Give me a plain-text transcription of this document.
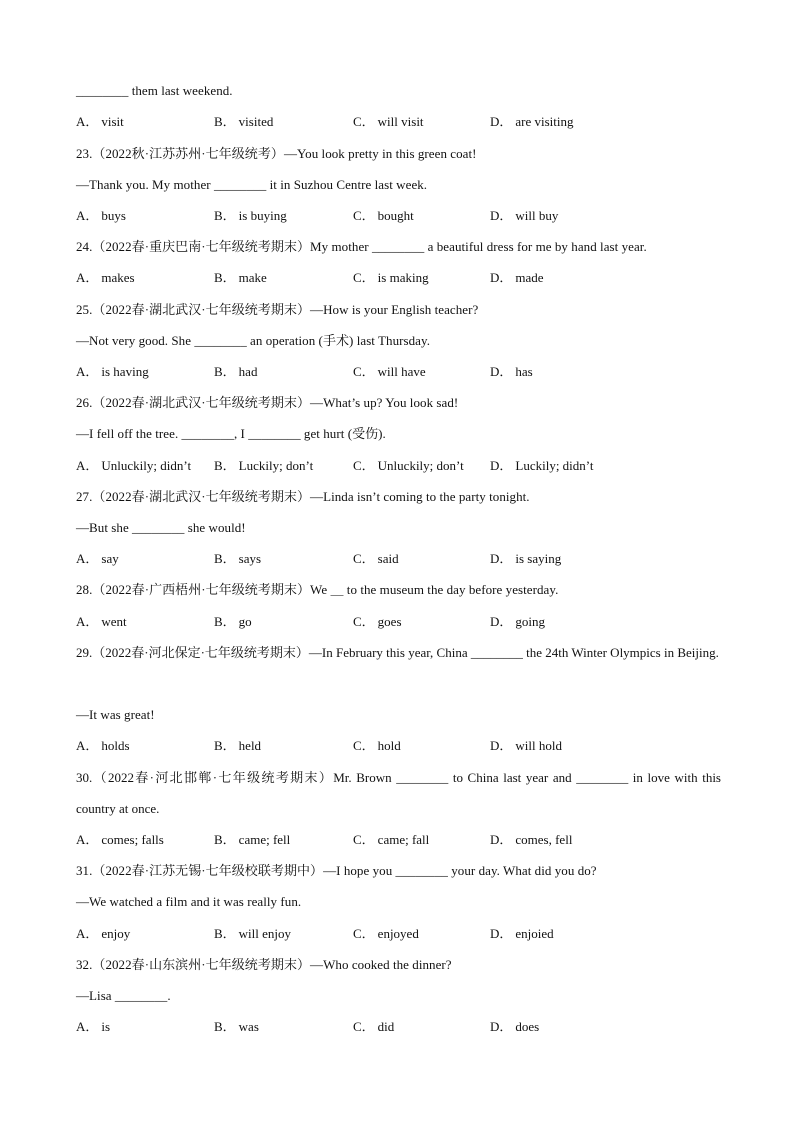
________ them last weekend.
A． visit	B． visited	C． will visit	D． are visiting
23.（2022秋·江苏苏州·七年级统考）—You look pretty in this green coat!
—Thank you. My mother ________ it in Suzhou Centre last week.
A． buys	B． is buying	C． bought	D． will buy
24.（2022春·重庆巴南·七年级统考期末）My mother ________ a beautiful dress for me by hand last year.
A． makes	B． make	C． is making	D． made
25.（2022春·湖北武汉·七年级统考期末）—How is your English teacher?
—Not very good. She ________ an operation (手术) last Thursday.
A． is having	B． had	C． will have	D． has
26.（2022春·湖北武汉·七年级统考期末）—What’s up? You look sad!
—I fell off the tree. ________, I ________ get hurt (受伤).
A． Unluckily; didn’t B． Luckily; don’t	C． Unluckily; don’t D． Luckily; didn’t
27.（2022春·湖北武汉·七年级统考期末）—Linda isn’t coming to the party tonight.
—But she ________ she would!
A． say	B． says	C． said	D． is saying
28.（2022春·广西梧州·七年级统考期末）We ＿ to the museum the day before yesterday.
A． went	B． go	C． goes	D． going
29.（2022春·河北保定·七年级统考期末）—In February this year, China ________ the 24th Winter Olympics in Beijing.
—It was great!
A． holds	B． held	C． hold	D． will hold
30.（2022春·河北邯郸·七年级统考期末）Mr. Brown ________ to China last year and ________ in love with this country at once.
A． comes; falls	B． came; fell	C． came; fall	D． comes, fell
31.（2022春·江苏无锡·七年级校联考期中）—I hope you ________ your day. What did you do?
—We watched a film and it was really fun.
A． enjoy	B． will enjoy	C． enjoyed	D． enjoied
32.（2022春·山东滨州·七年级统考期末）—Who cooked the dinner?
—Lisa ________.
A． is	B． was	C． did	D． does
